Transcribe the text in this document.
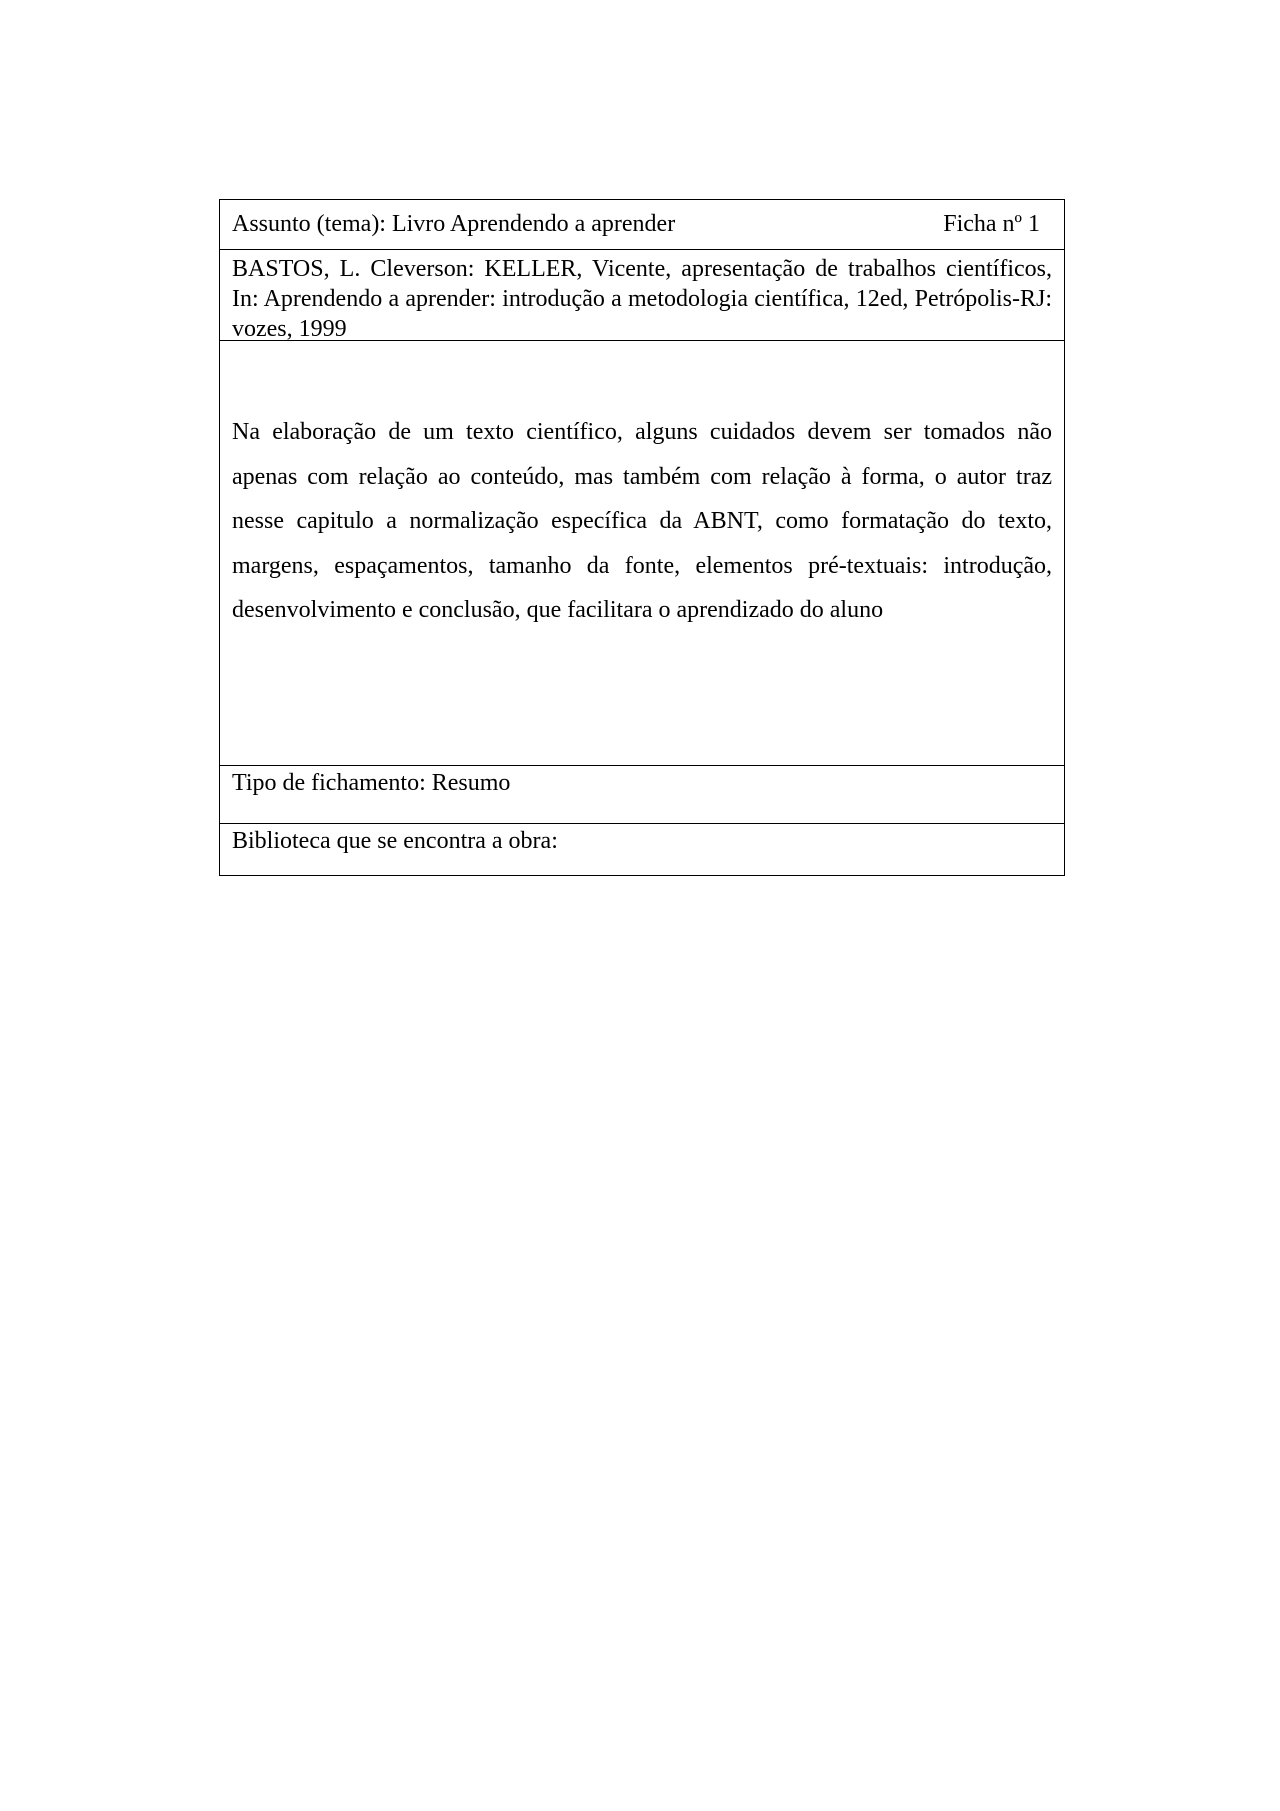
Assunto (tema): Livro Aprendendo a aprender	Ficha nº 1
BASTOS, L. Cleverson: KELLER, Vicente, apresentação de trabalhos científicos, In: Aprendendo a aprender: introdução a metodologia científica, 12ed, Petrópolis-RJ: vozes, 1999
Na elaboração de um texto científico, alguns cuidados devem ser tomados não apenas com relação ao conteúdo, mas também com relação à forma, o autor traz nesse capitulo a normalização específica da ABNT, como formatação do texto, margens, espaçamentos, tamanho da fonte, elementos pré-textuais: introdução, desenvolvimento e conclusão, que facilitara o aprendizado do aluno
Tipo de fichamento: Resumo
Biblioteca que se encontra a obra:
